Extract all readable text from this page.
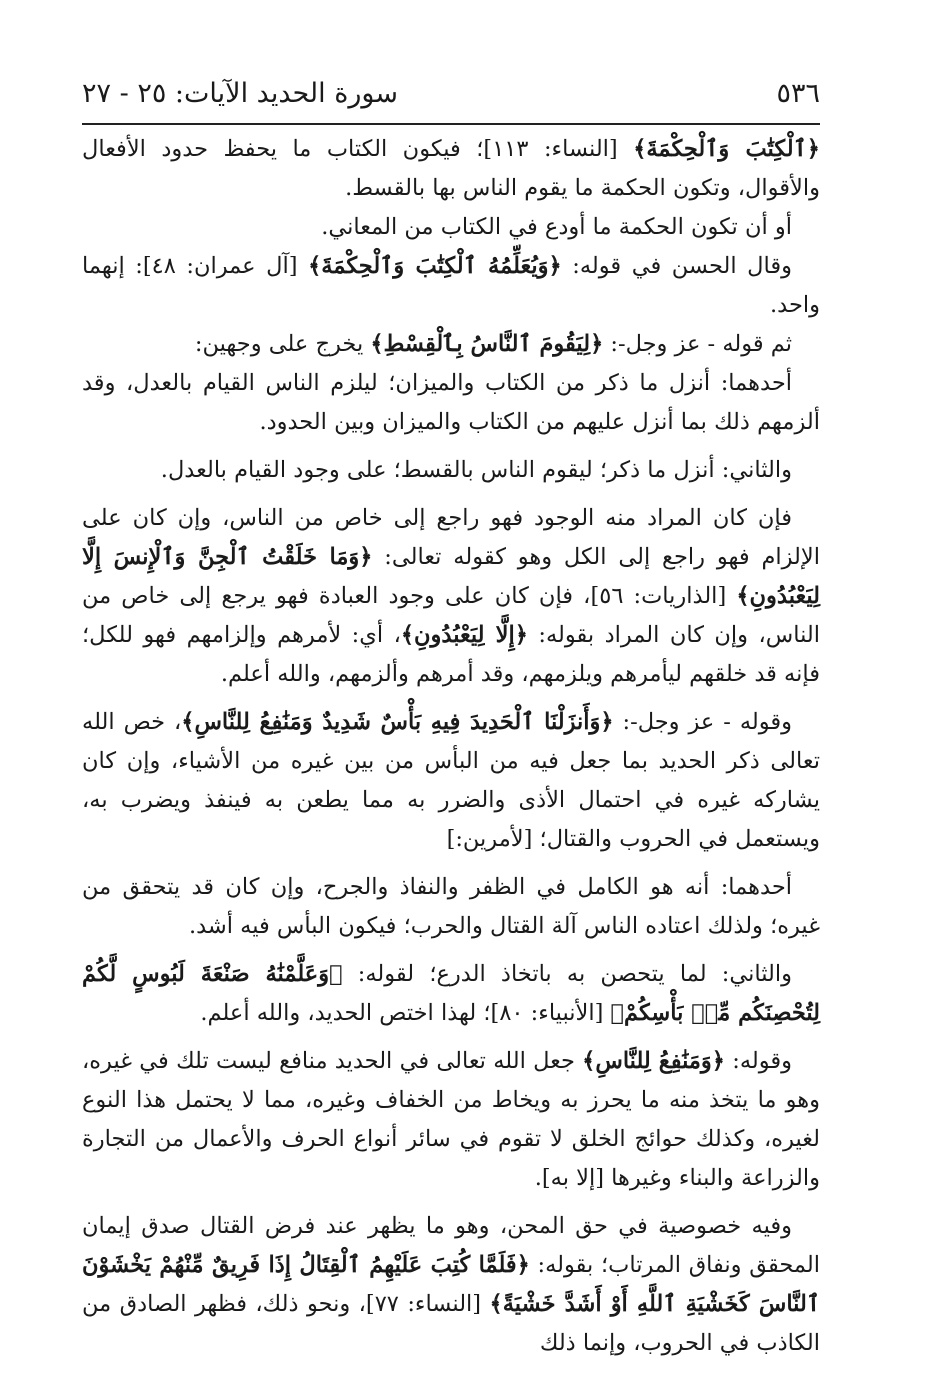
٥٣٦
سورة الحديد الآيات: ٢٥ - ٢٧

﴿ٱلْكِتَٰبَ وَٱلْحِكْمَةَ﴾ [النساء: ١١٣]؛ فيكون الكتاب ما يحفظ حدود الأفعال والأقوال، وتكون الحكمة ما يقوم الناس بها بالقسط.

أو أن تكون الحكمة ما أودع في الكتاب من المعاني.

وقال الحسن في قوله: ﴿وَيُعَلِّمُهُ ٱلْكِتَٰبَ وَٱلْحِكْمَةَ﴾ [آل عمران: ٤٨]: إنهما واحد.

ثم قوله - عز وجل-: ﴿لِيَقُومَ ٱلنَّاسُ بِٱلْقِسْطِ﴾ يخرج على وجهين:

أحدهما: أنزل ما ذكر من الكتاب والميزان؛ ليلزم الناس القيام بالعدل، وقد ألزمهم ذلك بما أنزل عليهم من الكتاب والميزان وبين الحدود.

والثاني: أنزل ما ذكر؛ ليقوم الناس بالقسط؛ على وجود القيام بالعدل.

فإن كان المراد منه الوجود فهو راجع إلى خاص من الناس، وإن كان على الإلزام فهو راجع إلى الكل وهو كقوله تعالى: ﴿وَمَا خَلَقْتُ ٱلْجِنَّ وَٱلْإِنسَ إِلَّا لِيَعْبُدُونِ﴾ [الذاريات: ٥٦]، فإن كان على وجود العبادة فهو يرجع إلى خاص من الناس، وإن كان المراد بقوله: ﴿إِلَّا لِيَعْبُدُونِ﴾، أي: لأمرهم وإلزامهم فهو للكل؛ فإنه قد خلقهم ليأمرهم ويلزمهم، وقد أمرهم وألزمهم، والله أعلم.

وقوله - عز وجل-: ﴿وَأَنزَلْنَا ٱلْحَدِيدَ فِيهِ بَأْسٌ شَدِيدٌ وَمَنَٰفِعُ لِلنَّاسِ﴾، خص الله تعالى ذكر الحديد بما جعل فيه من البأس من بين غيره من الأشياء، وإن كان يشاركه غيره في احتمال الأذى والضرر به مما يطعن به فينفذ ويضرب به، ويستعمل في الحروب والقتال؛ [لأمرين:]

أحدهما: أنه هو الكامل في الظفر والنفاذ والجرح، وإن كان قد يتحقق من غيره؛ ولذلك اعتاده الناس آلة القتال والحرب؛ فيكون البأس فيه أشد.

والثاني: لما يتحصن به باتخاذ الدرع؛ لقوله: ﴿وَعَلَّمْنَٰهُ صَنْعَةَ لَبُوسٍ لَّكُمْ لِتُحْصِنَكُم مِّنۢ بَأْسِكُمْ﴾ [الأنبياء: ٨٠]؛ لهذا اختص الحديد، والله أعلم.

وقوله: ﴿وَمَنَٰفِعُ لِلنَّاسِ﴾ جعل الله تعالى في الحديد منافع ليست تلك في غيره، وهو ما يتخذ منه ما يحرز به ويخاط من الخفاف وغيره، مما لا يحتمل هذا النوع لغيره، وكذلك حوائج الخلق لا تقوم في سائر أنواع الحرف والأعمال من التجارة والزراعة والبناء وغيرها [إلا به].

وفيه خصوصية في حق المحن، وهو ما يظهر عند فرض القتال صدق إيمان المحقق ونفاق المرتاب؛ بقوله: ﴿فَلَمَّا كُتِبَ عَلَيْهِمُ ٱلْقِتَالُ إِذَا فَرِيقٌ مِّنْهُمْ يَخْشَوْنَ ٱلنَّاسَ كَخَشْيَةِ ٱللَّهِ أَوْ أَشَدَّ خَشْيَةً﴾ [النساء: ٧٧]، ونحو ذلك، فظهر الصادق من الكاذب في الحروب، وإنما ذلك
